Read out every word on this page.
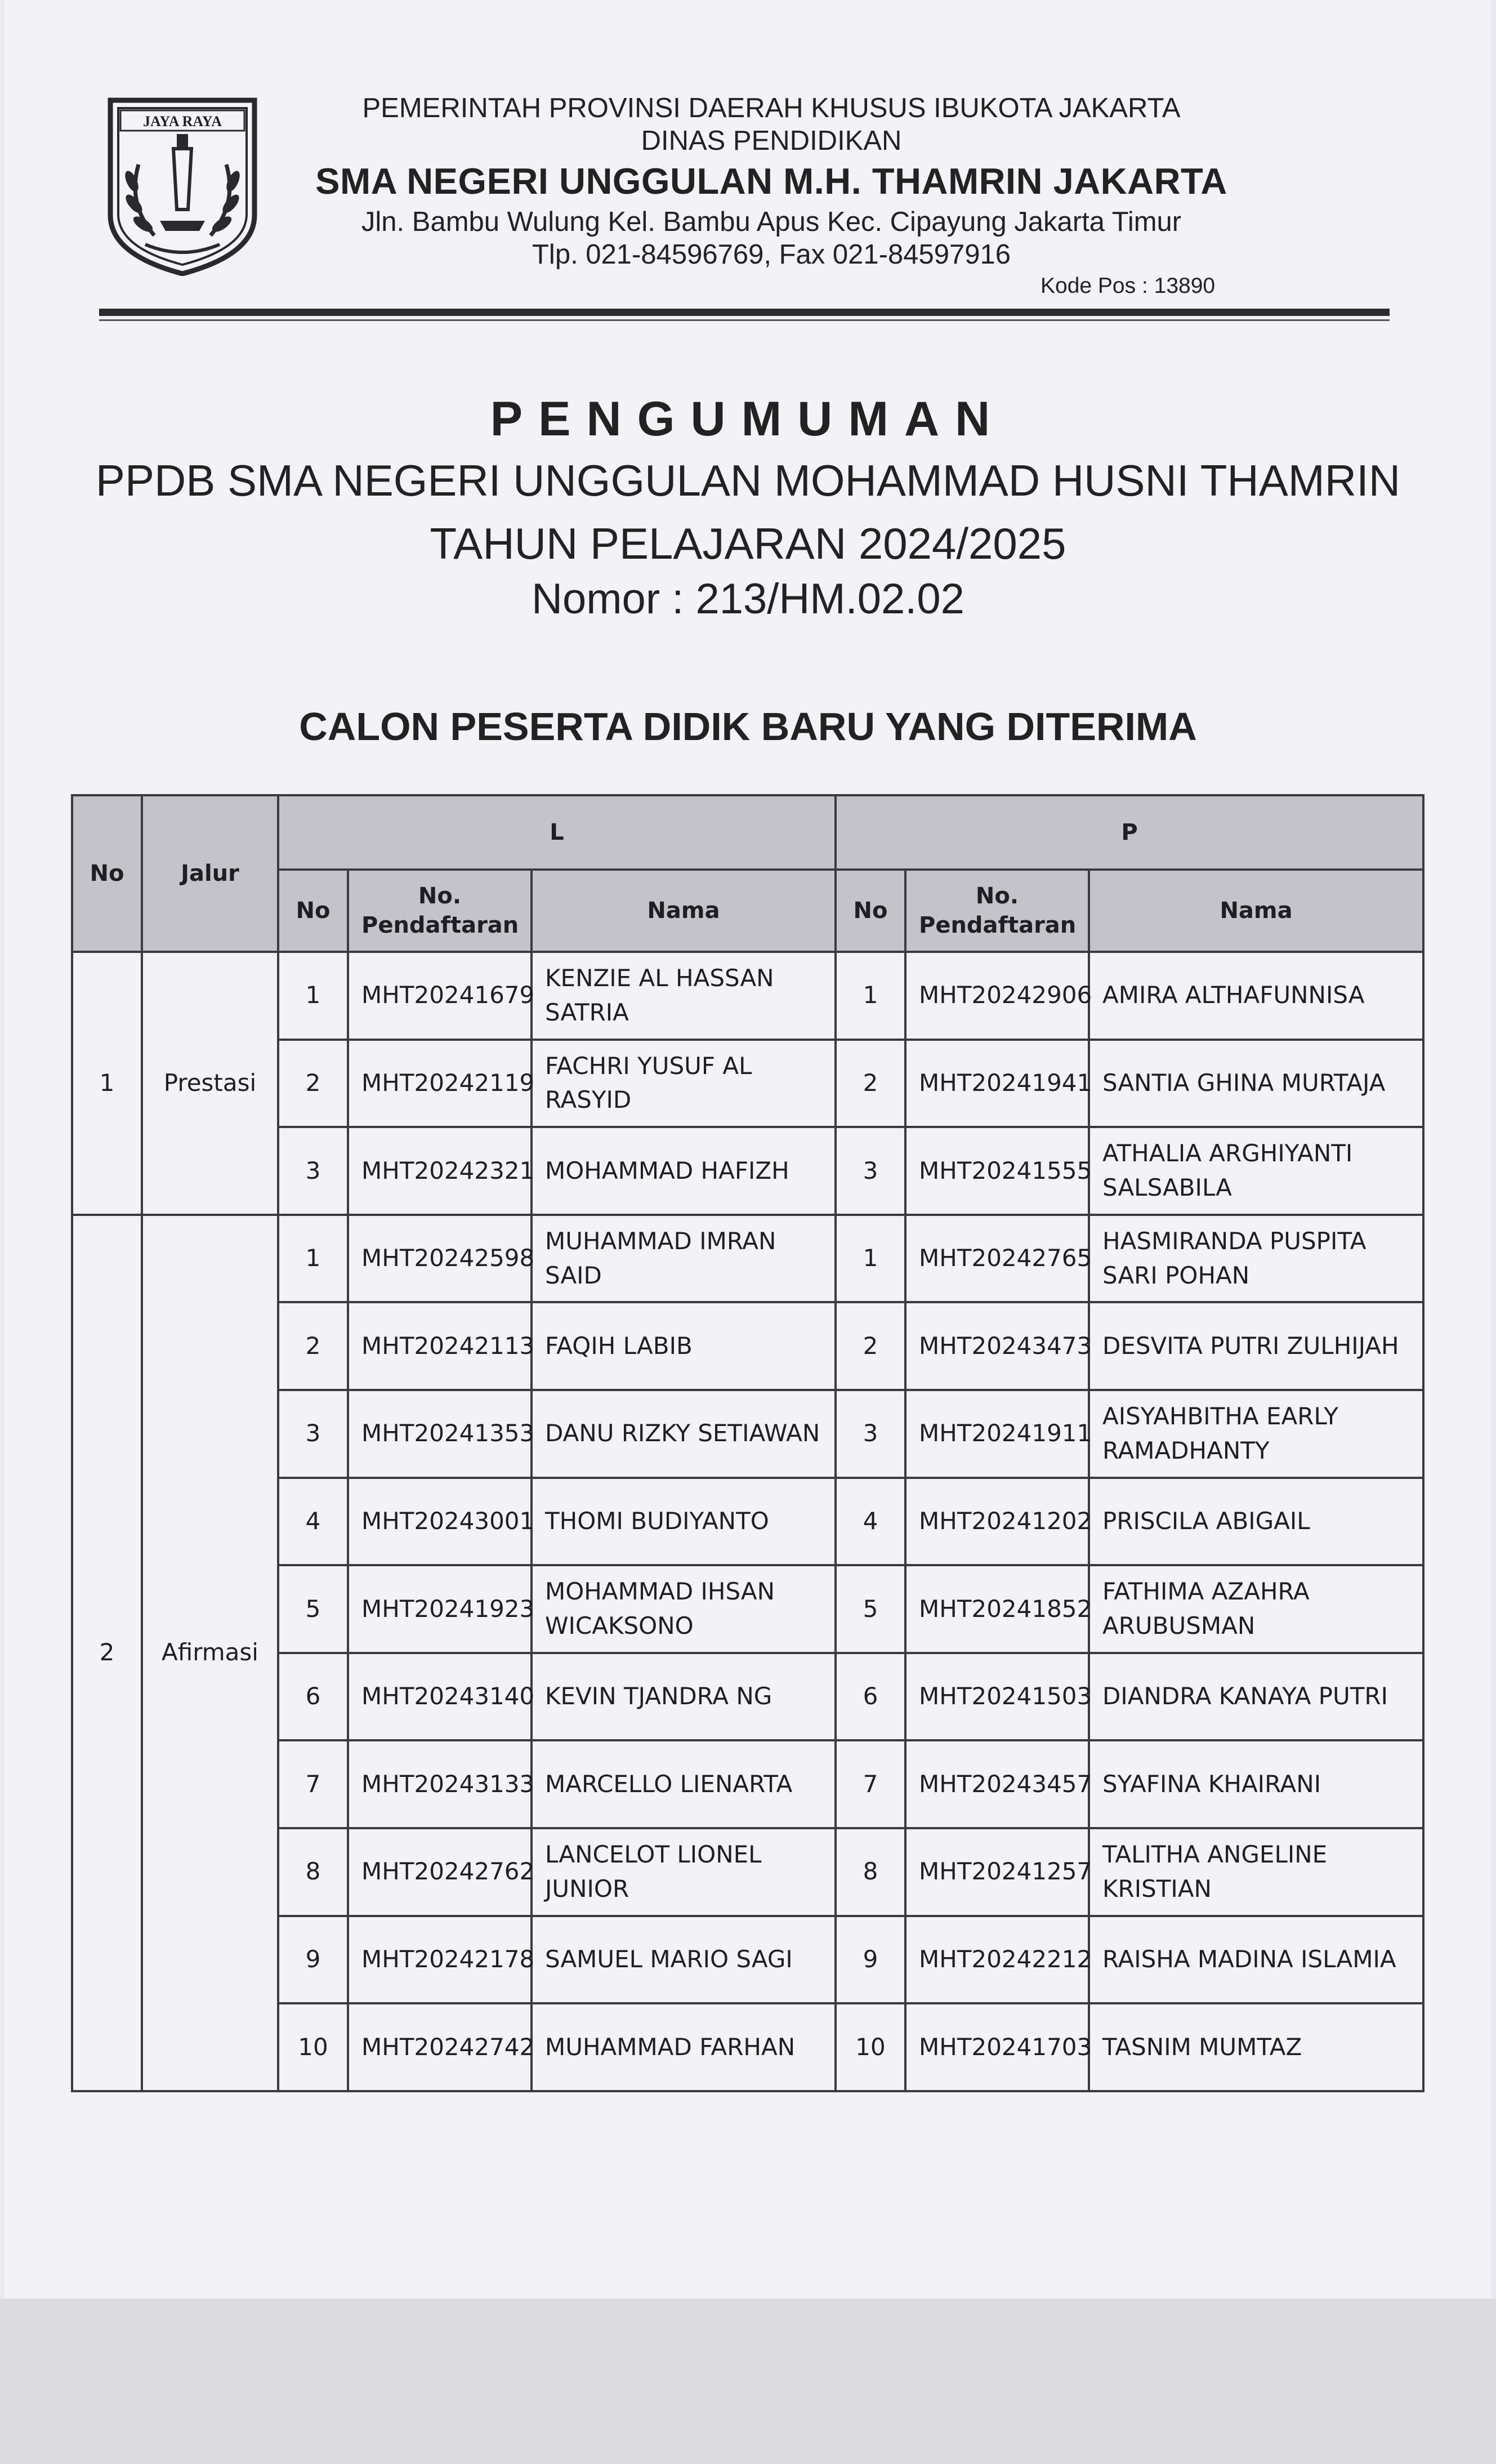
JAYA RAYA	PEMERINTAH PROVINSI DAERAH KHUSUS IBUKOTA JAKARTA
DINAS PENDIDIKAN
SMA NEGERI UNGGULAN M.H. THAMRIN JAKARTA
Jln. Bambu Wulung Kel. Bambu Apus Kec. Cipayung Jakarta Timur
Tlp. 021-84596769, Fax 021-84597916
Kode Pos : 13890
PENGUMUMAN
PPDB SMA NEGERI UNGGULAN MOHAMMAD HUSNI THAMRIN
TAHUN PELAJARAN 2024/2025
Nomor : 213/HM.02.02
CALON PESERTA DIDIK BARU YANG DITERIMA
No	Jalur	L			P		
		No	No. Pendaftaran	Nama	No	No. Pendaftaran	Nama
1	Prestasi	1	MHT20241679	KENZIE AL HASSAN SATRIA	1	MHT20242906	AMIRA ALTHAFUNNISA
		2	MHT20242119	FACHRI YUSUF AL RASYID	2	MHT20241941	SANTIA GHINA MURTAJA
		3	MHT20242321	MOHAMMAD HAFIZH	3	MHT20241555	ATHALIA ARGHIYANTI SALSABILA
2	Afirmasi	1	MHT20242598	MUHAMMAD IMRAN SAID	1	MHT20242765	HASMIRANDA PUSPITA SARI POHAN
		2	MHT20242113	FAQIH LABIB	2	MHT20243473	DESVITA PUTRI ZULHIJAH
		3	MHT20241353	DANU RIZKY SETIAWAN	3	MHT20241911	AISYAHBITHA EARLY RAMADHANTY
		4	MHT20243001	THOMI BUDIYANTO	4	MHT20241202	PRISCILA ABIGAIL
		5	MHT20241923	MOHAMMAD IHSAN WICAKSONO	5	MHT20241852	FATHIMA AZAHRA ARUBUSMAN
		6	MHT20243140	KEVIN TJANDRA NG	6	MHT20241503	DIANDRA KANAYA PUTRI
		7	MHT20243133	MARCELLO LIENARTA	7	MHT20243457	SYAFINA KHAIRANI
		8	MHT20242762	LANCELOT LIONEL JUNIOR	8	MHT20241257	TALITHA ANGELINE KRISTIAN
		9	MHT20242178	SAMUEL MARIO SAGI	9	MHT20242212	RAISHA MADINA ISLAMIA
		10	MHT20242742	MUHAMMAD FARHAN	10	MHT20241703	TASNIM MUMTAZ
